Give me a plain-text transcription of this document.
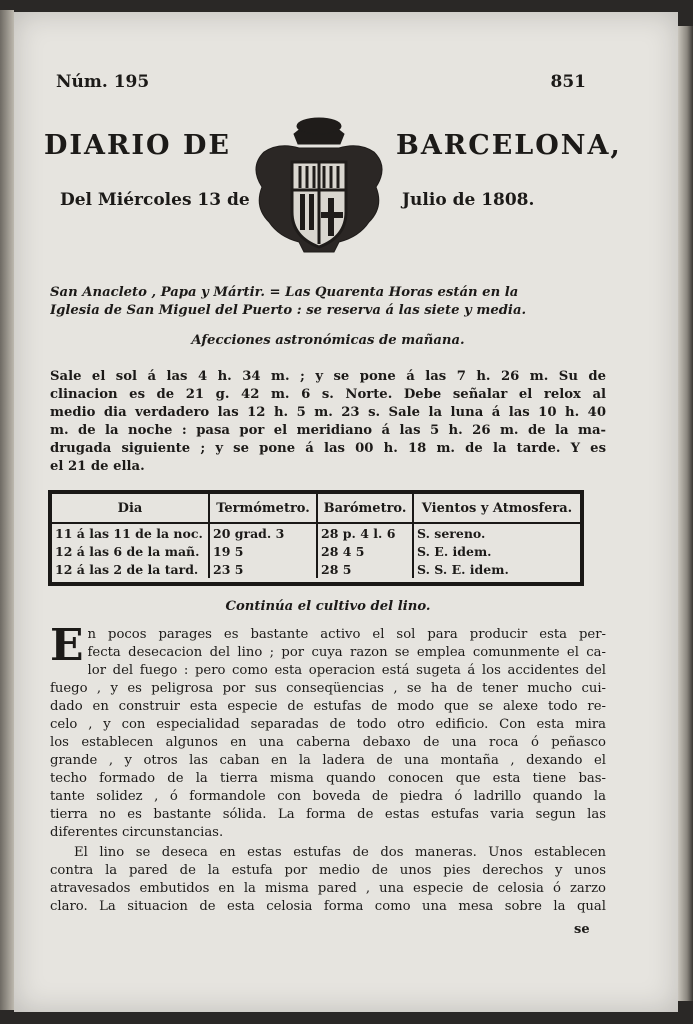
Núm. 195	851
DIARIO DE	BARCELONA,
Del Miércoles 13 de	Julio de 1808.
San Anacleto , Papa y Mártir. = Las Quarenta Horas están en la
Iglesia de San Miguel del Puerto : se reserva á las siete y media.
Afecciones astronómicas de mañana.
Sale el sol á las 4 h. 34 m. ; y se pone á las 7 h. 26 m. Su de
clinacion es de 21 g. 42 m. 6 s. Norte. Debe señalar el relox al
medio dia verdadero las 12 h. 5 m. 23 s. Sale la luna á las 10 h. 40
m. de la noche : pasa por el meridiano á las 5 h. 26 m. de la ma-
drugada siguiente ; y se pone á las 00 h. 18 m. de la tarde. Y es
el 21 de ella.
Dia	Termómetro.	Barómetro.	Vientos y Atmosfera.
11 á las 11 de la noc.	20 grad. 3	28 p. 4 l. 6	S. sereno.
12 á las 6 de la mañ.	19 5	28 4 5	S. E. idem.
12 á las 2 de la tard.	23 5	28 5	S. S. E. idem.
Continúa el cultivo del lino.
E n pocos parages es bastante activo el sol para producir esta per-
fecta desecacion del lino ; por cuya razon se emplea comunmente el ca-
lor del fuego : pero como esta operacion está sugeta á los accidentes del
fuego , y es peligrosa por sus conseqüencias , se ha de tener mucho cui-
dado en construir esta especie de estufas de modo que se alexe todo re-
celo , y con especialidad separadas de todo otro edificio. Con esta mira
los establecen algunos en una caberna debaxo de una roca ó peñasco
grande , y otros las caban en la ladera de una montaña , dexando el
techo formado de la tierra misma quando conocen que esta tiene bas-
tante solidez , ó formandole con boveda de piedra ó ladrillo quando la
tierra no es bastante sólida. La forma de estas estufas varia segun las
diferentes circunstancias.
El lino se deseca en estas estufas de dos maneras. Unos establecen
contra la pared de la estufa por medio de unos pies derechos y unos
atravesados embutidos en la misma pared , una especie de celosia ó zarzo
claro. La situacion de esta celosia forma como una mesa sobre la qual
se
